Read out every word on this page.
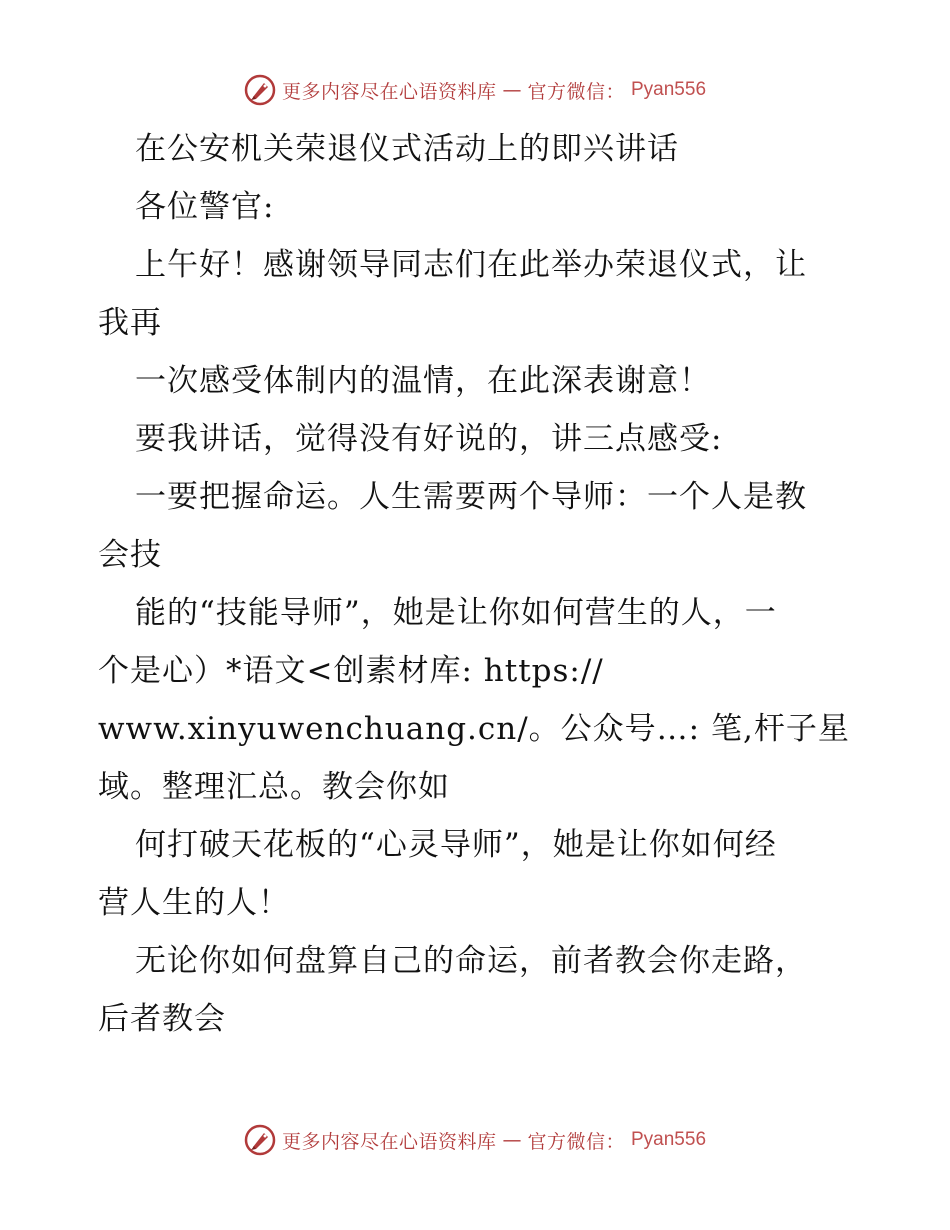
更多内容尽在心语资料库 — 官方微信： Pyan556
在公安机关荣退仪式活动上的即兴讲话
各位警官:
上午好！感谢领导同志们在此举办荣退仪式，让
我再
一次感受体制内的温情，在此深表谢意！
要我讲话，觉得没有好说的，讲三点感受:
一要把握命运。人生需要两个导师：一个人是教
会技
能的“技能导师”，她是让你如何营生的人，一
个是心）*语文<创素材库: https://
www.xinyuwenchuang.cn/。公众号…: 笔,杆子星
域。整理汇总。教会你如
何打破天花板的“心灵导师”，她是让你如何经
营人生的人！
无论你如何盘算自己的命运，前者教会你走路，
后者教会
更多内容尽在心语资料库 — 官方微信： Pyan556
